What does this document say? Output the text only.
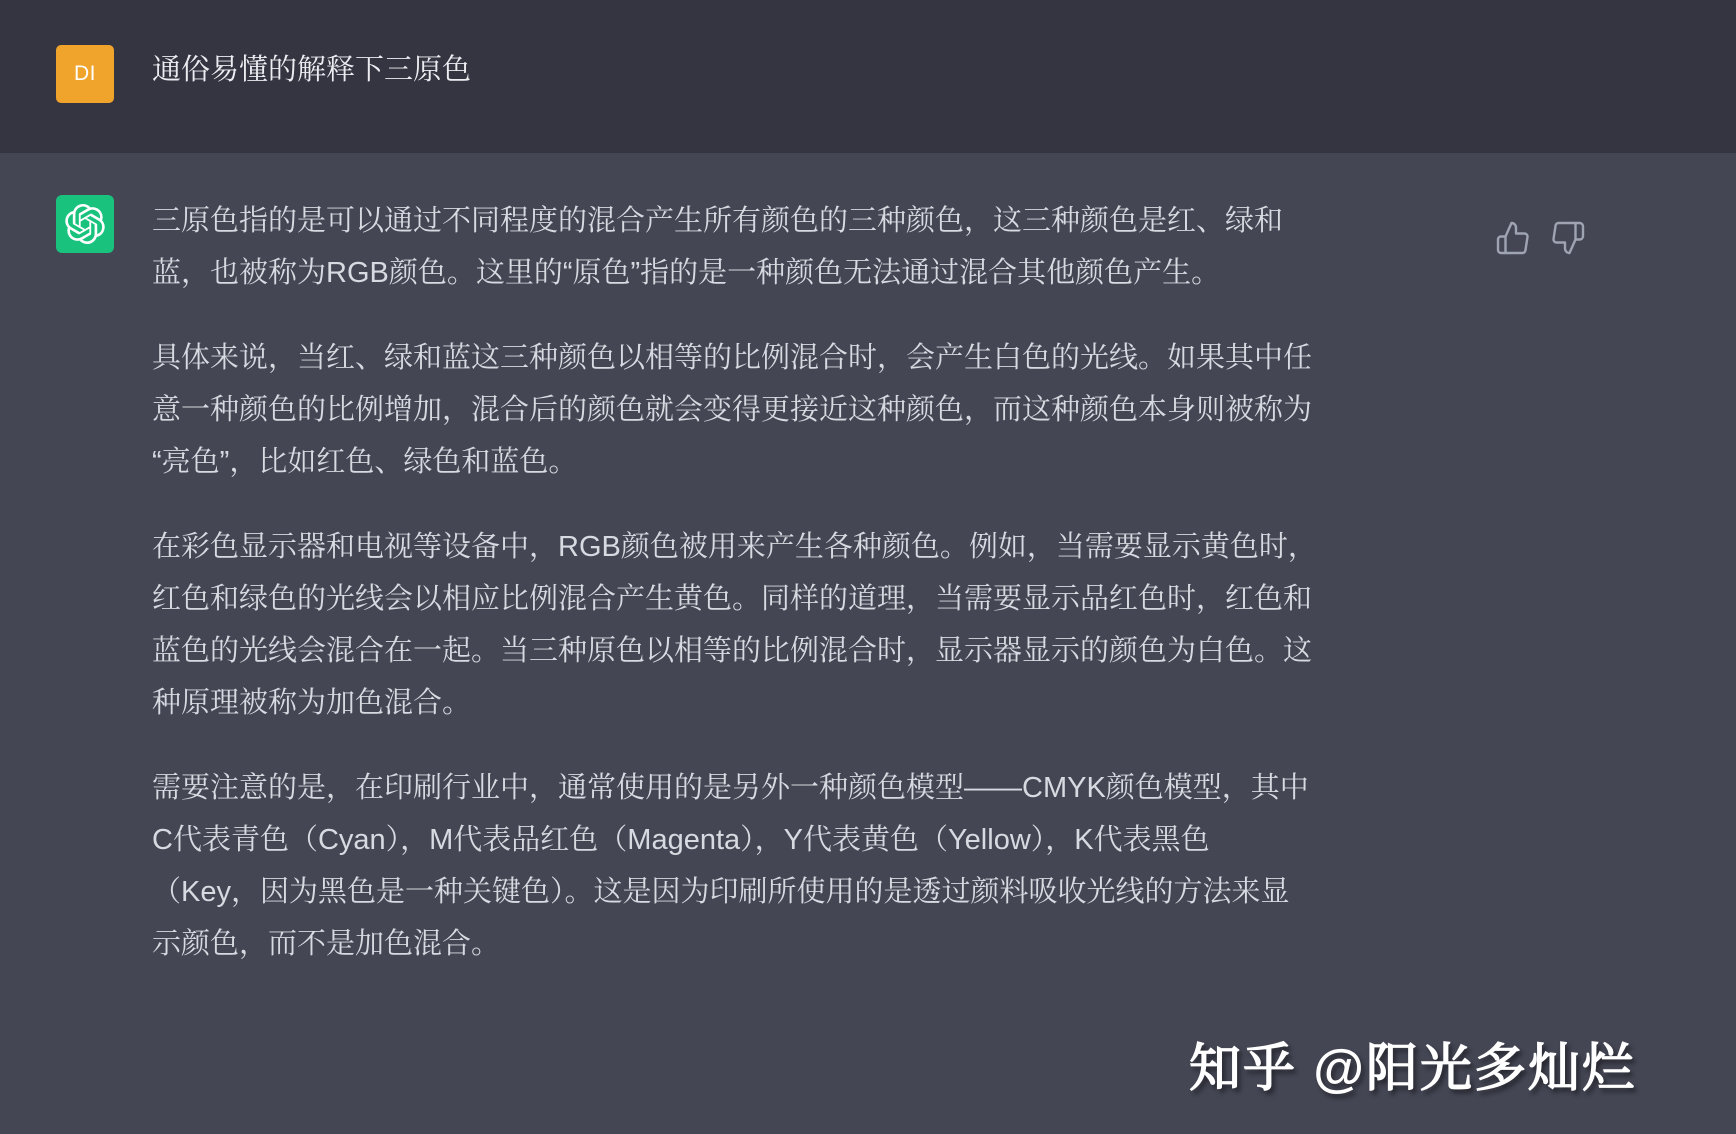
DI 通俗易懂的解释下三原色
三原色指的是可以通过不同程度的混合产生所有颜色的三种颜色，这三种颜色是红、绿和
蓝，也被称为RGB颜色。这里的“原色”指的是一种颜色无法通过混合其他颜色产生。
具体来说，当红、绿和蓝这三种颜色以相等的比例混合时，会产生白色的光线。如果其中任
意一种颜色的比例增加，混合后的颜色就会变得更接近这种颜色，而这种颜色本身则被称为
“亮色”，比如红色、绿色和蓝色。
在彩色显示器和电视等设备中，RGB颜色被用来产生各种颜色。例如，当需要显示黄色时，
红色和绿色的光线会以相应比例混合产生黄色。同样的道理，当需要显示品红色时，红色和
蓝色的光线会混合在一起。当三种原色以相等的比例混合时，显示器显示的颜色为白色。这
种原理被称为加色混合。
需要注意的是，在印刷行业中，通常使用的是另外一种颜色模型——CMYK颜色模型，其中
C代表青色（Cyan），M代表品红色（Magenta），Y代表黄色（Yellow），K代表黑色
（Key，因为黑色是一种关键色）。这是因为印刷所使用的是透过颜料吸收光线的方法来显
示颜色，而不是加色混合。
知乎 @阳光多灿烂
